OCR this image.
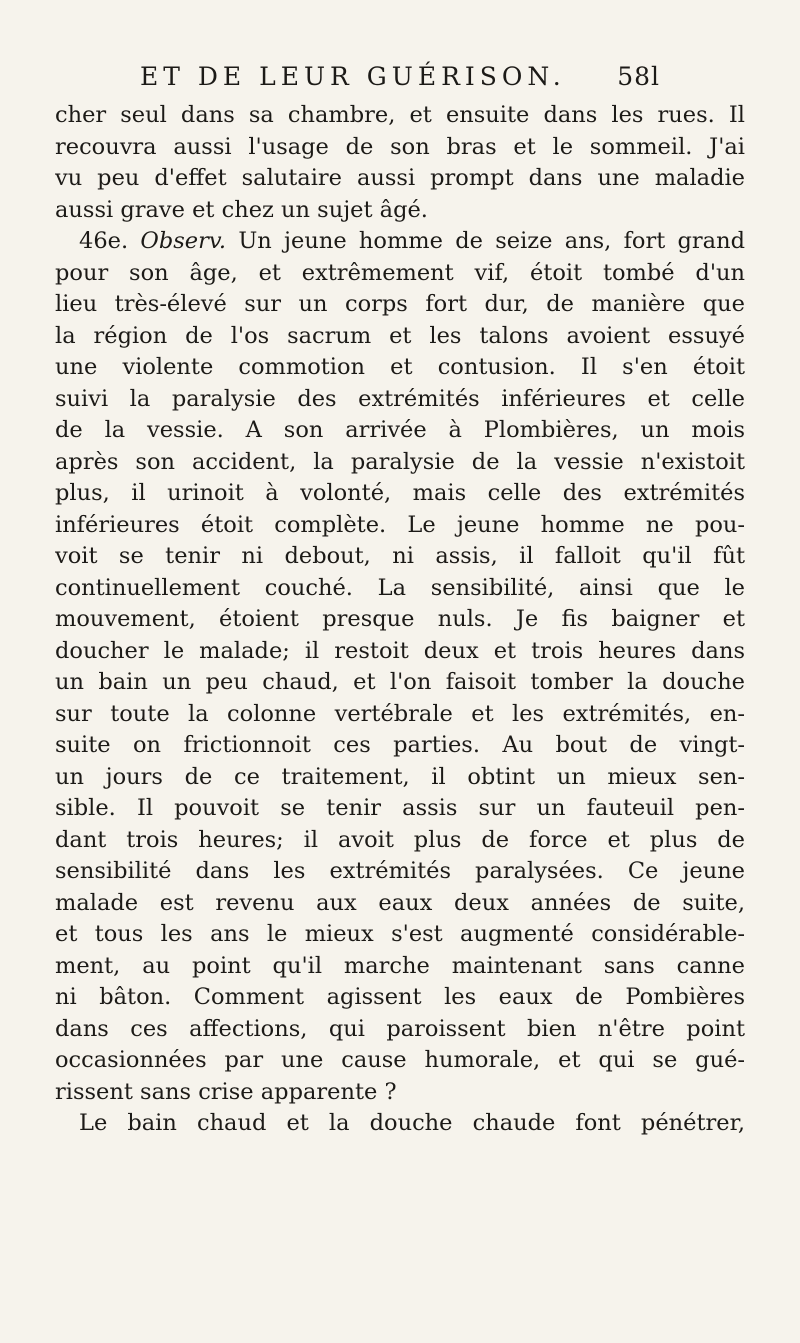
ET DE LEUR GUÉRISON. 58l
cher seul dans sa chambre, et ensuite dans les rues. Il
recouvra aussi l'usage de son bras et le sommeil. J'ai
vu peu d'effet salutaire aussi prompt dans une maladie
aussi grave et chez un sujet âgé.
46e. Observ. Un jeune homme de seize ans, fort grand
pour son âge, et extrêmement vif, étoit tombé d'un
lieu très-élevé sur un corps fort dur, de manière que
la région de l'os sacrum et les talons avoient essuyé
une violente commotion et contusion. Il s'en étoit
suivi la paralysie des extrémités inférieures et celle
de la vessie. A son arrivée à Plombières, un mois
après son accident, la paralysie de la vessie n'existoit
plus, il urinoit à volonté, mais celle des extrémités
inférieures étoit complète. Le jeune homme ne pou-
voit se tenir ni debout, ni assis, il falloit qu'il fût
continuellement couché. La sensibilité, ainsi que le
mouvement, étoient presque nuls. Je fis baigner et
doucher le malade; il restoit deux et trois heures dans
un bain un peu chaud, et l'on faisoit tomber la douche
sur toute la colonne vertébrale et les extrémités, en-
suite on frictionnoit ces parties. Au bout de vingt-
un jours de ce traitement, il obtint un mieux sen-
sible. Il pouvoit se tenir assis sur un fauteuil pen-
dant trois heures; il avoit plus de force et plus de
sensibilité dans les extrémités paralysées. Ce jeune
malade est revenu aux eaux deux années de suite,
et tous les ans le mieux s'est augmenté considérable-
ment, au point qu'il marche maintenant sans canne
ni bâton. Comment agissent les eaux de Pombières
dans ces affections, qui paroissent bien n'être point
occasionnées par une cause humorale, et qui se gué-
rissent sans crise apparente ?
Le bain chaud et la douche chaude font pénétrer,
